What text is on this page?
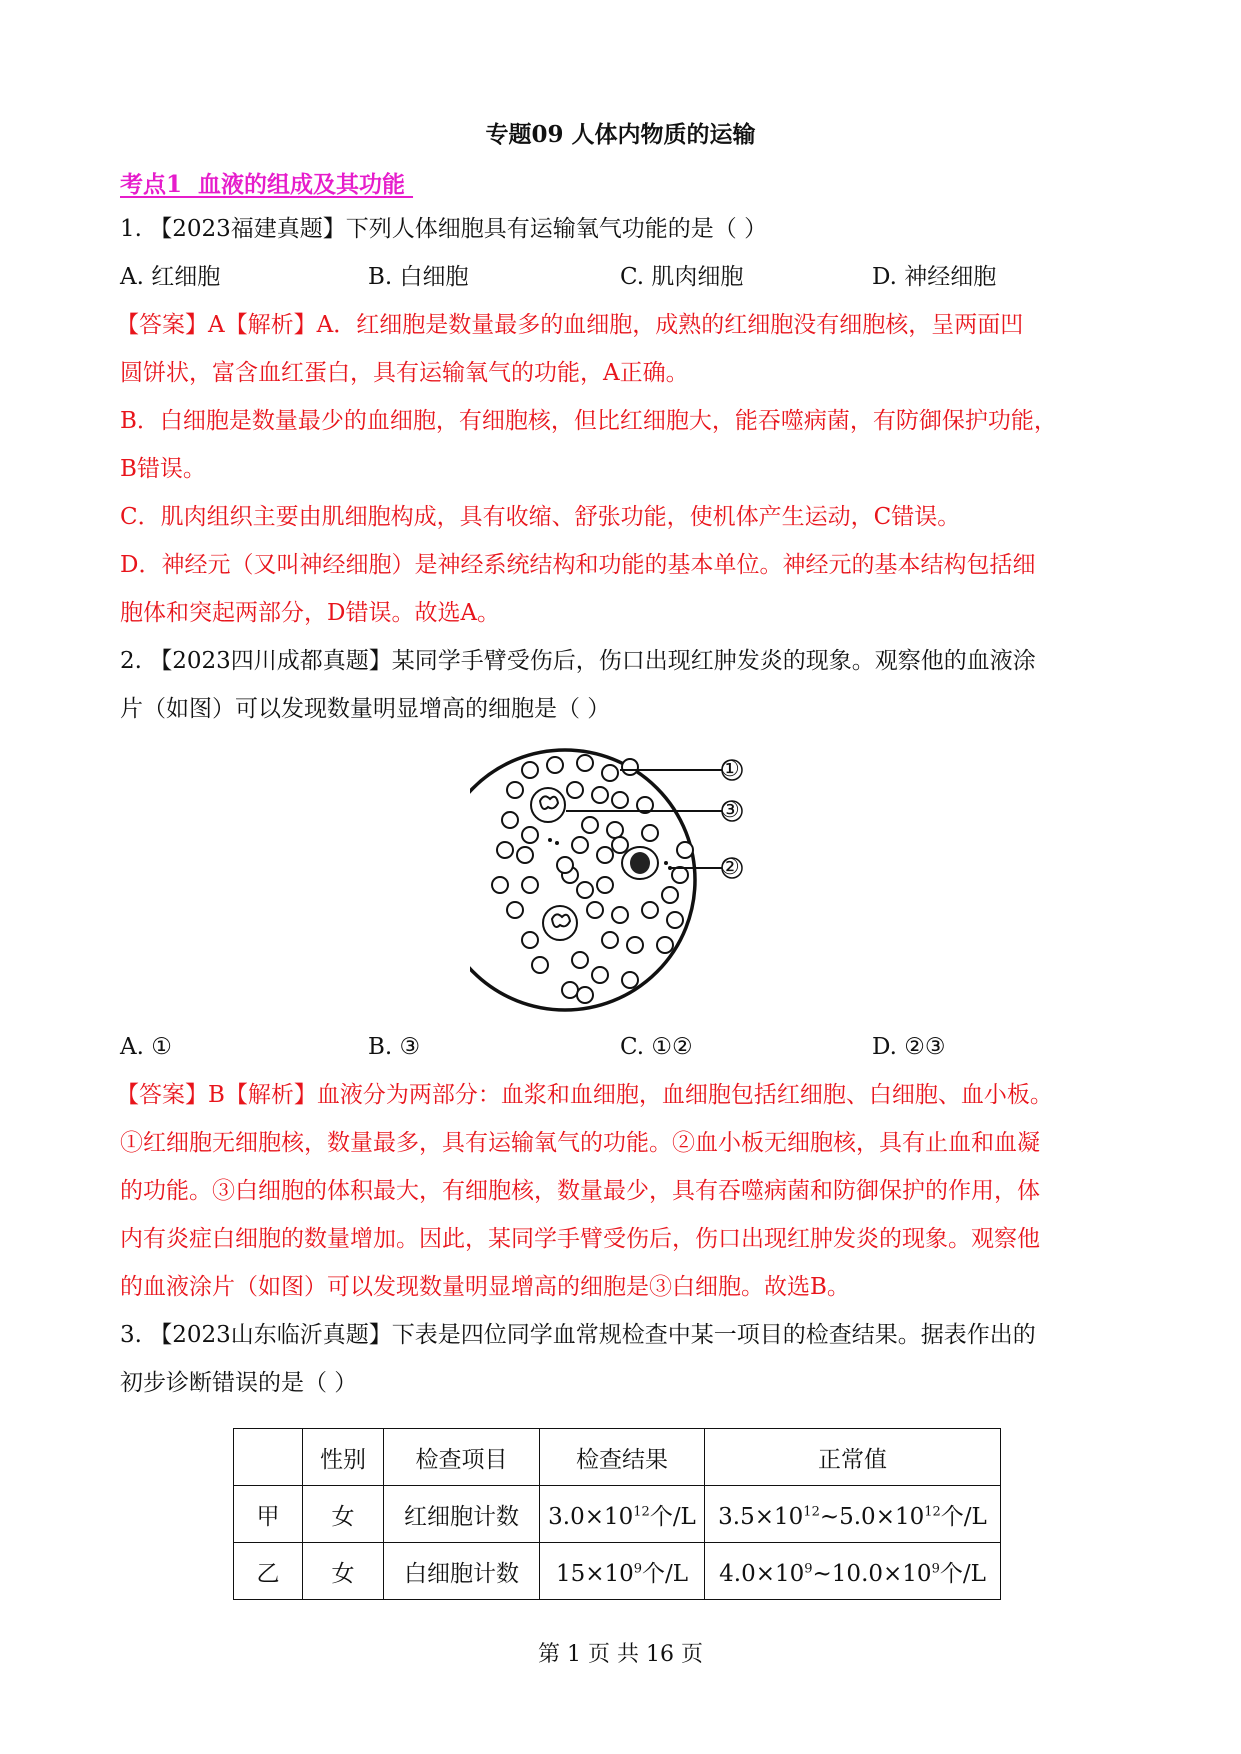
专题09 人体内物质的运输
考点1  血液的组成及其功能
1. 【2023福建真题】下列人体细胞具有运输氧气功能的是（ ）
A. 红细胞	B. 白细胞	C. 肌肉细胞	D. 神经细胞
【答案】A【解析】A．红细胞是数量最多的血细胞，成熟的红细胞没有细胞核，呈两面凹
圆饼状，富含血红蛋白，具有运输氧气的功能，A正确。
B．白细胞是数量最少的血细胞，有细胞核，但比红细胞大，能吞噬病菌，有防御保护功能，
B错误。
C．肌肉组织主要由肌细胞构成，具有收缩、舒张功能，使机体产生运动，C错误。
D．神经元（又叫神经细胞）是神经系统结构和功能的基本单位。神经元的基本结构包括细
胞体和突起两部分，D错误。故选A。
2. 【2023四川成都真题】某同学手臂受伤后，伤口出现红肿发炎的现象。观察他的血液涂
片（如图）可以发现数量明显增高的细胞是（ ）
①
③
②
A. ①	B. ③	C. ①②	D. ②③
【答案】B【解析】血液分为两部分：血浆和血细胞，血细胞包括红细胞、白细胞、血小板。
①红细胞无细胞核，数量最多，具有运输氧气的功能。②血小板无细胞核，具有止血和血凝
的功能。③白细胞的体积最大，有细胞核，数量最少，具有吞噬病菌和防御保护的作用，体
内有炎症白细胞的数量增加。因此，某同学手臂受伤后，伤口出现红肿发炎的现象。观察他
的血液涂片（如图）可以发现数量明显增高的细胞是③白细胞。故选B。
3. 【2023山东临沂真题】下表是四位同学血常规检查中某一项目的检查结果。据表作出的
初步诊断错误的是（ ）
	性别	检查项目	检查结果	正常值
甲	女	红细胞计数	$3.0\times 10^{12}$个/L	$3.5\times 10^{12}\sim 5.0\times 10^{12}$个/L
乙	女	白细胞计数	$15\times 10^9$个/L	$4.0\times 10^9\sim 10.0\times 10^9$个/L
第 1 页 共 16 页
